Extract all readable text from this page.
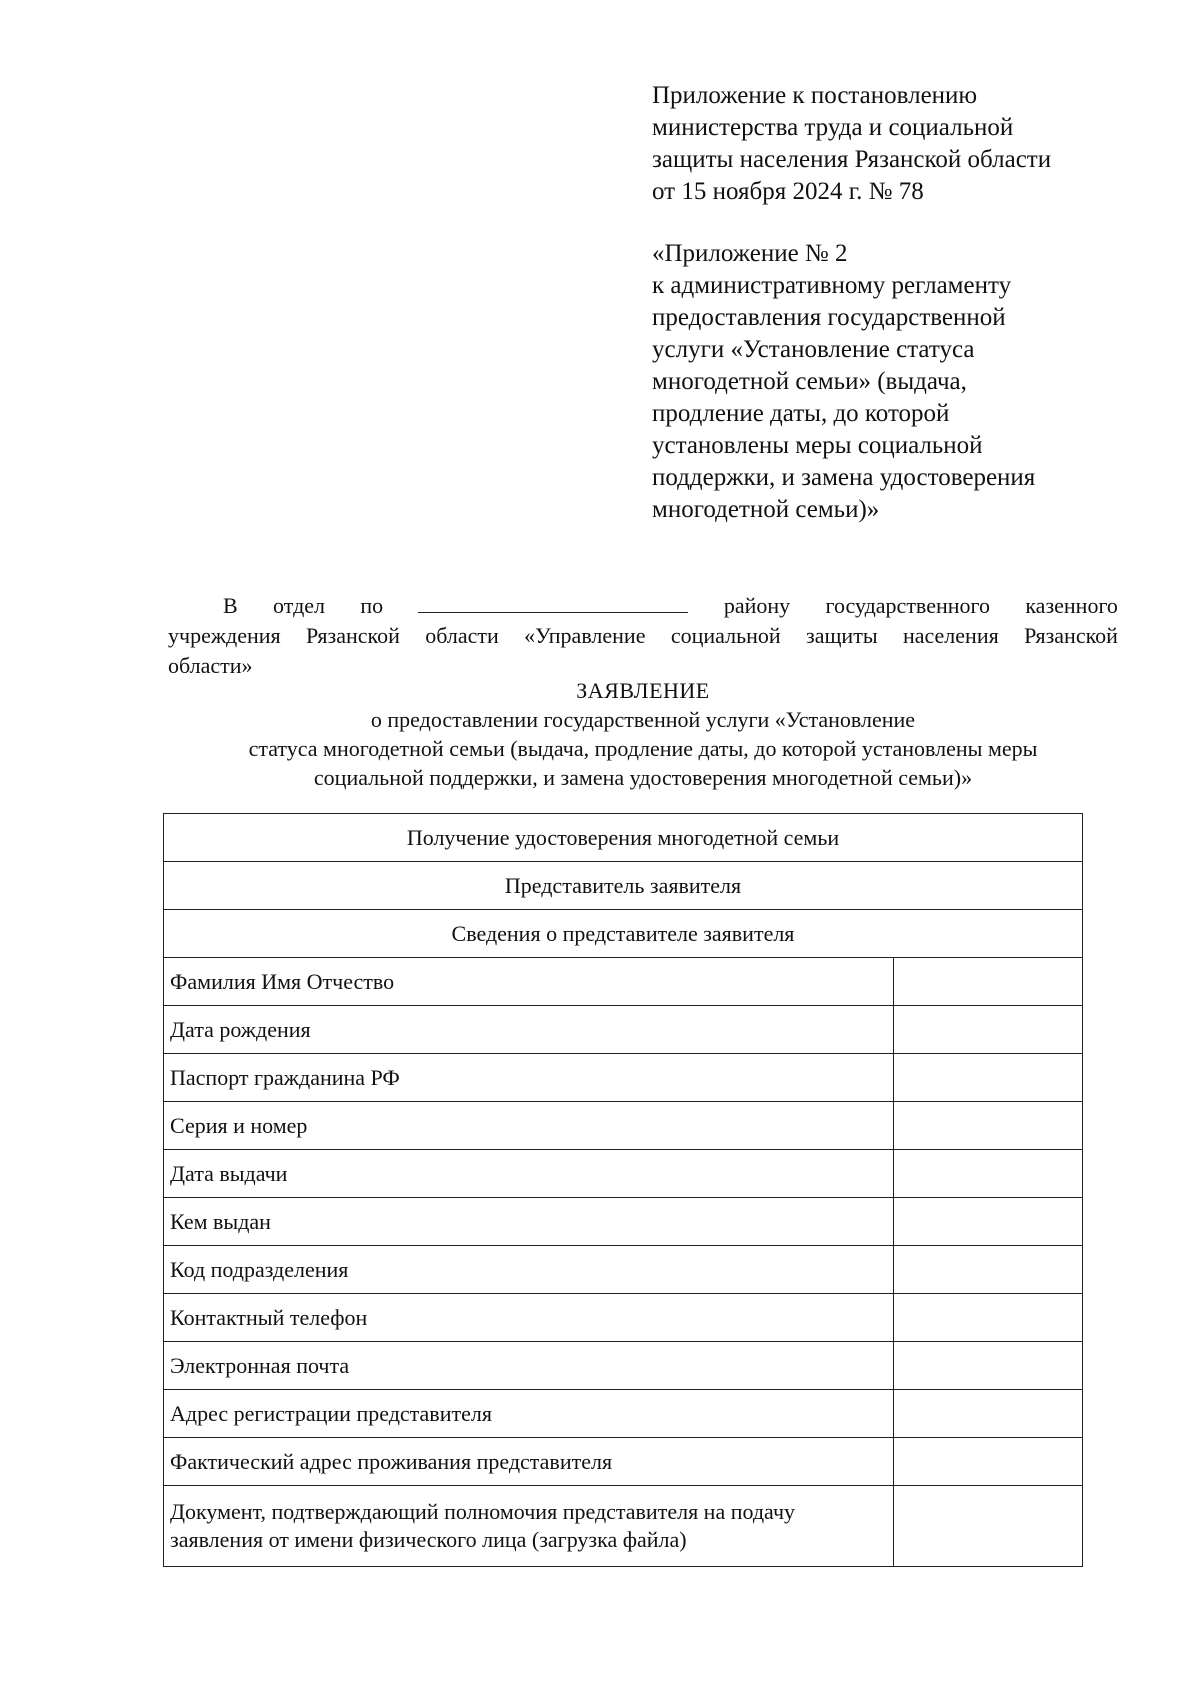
Приложение к постановлению

министерства труда и социальной

защиты населения Рязанской области

от 15 ноября 2024 г. № 78

«Приложение № 2

к административному регламенту

предоставления государственной

услуги «Установление статуса

многодетной семьи» (выдача,

продление даты, до которой

установлены меры социальной

поддержки, и замена удостоверения

многодетной семьи)»

В отдел по	району государственного казенного
учреждения Рязанской области «Управление социальной защиты населения Рязанской
области»
ЗАЯВЛЕНИЕ
о предоставлении государственной услуги «Установление
статуса многодетной семьи (выдача, продление даты, до которой установлены меры
социальной поддержки, и замена удостоверения многодетной семьи)»
Получение удостоверения многодетной семьи	
Представитель заявителя	
Сведения о представителе заявителя	
Фамилия Имя Отчество	
Дата рождения	
Паспорт гражданина РФ	
Серия и номер	
Дата выдачи	
Кем выдан	
Код подразделения	
Контактный телефон	
Электронная почта	
Адрес регистрации представителя	
Фактический адрес проживания представителя	

Документ, подтверждающий полномочия представителя на подачу
заявления от имени физического лица (загрузка файла)	
